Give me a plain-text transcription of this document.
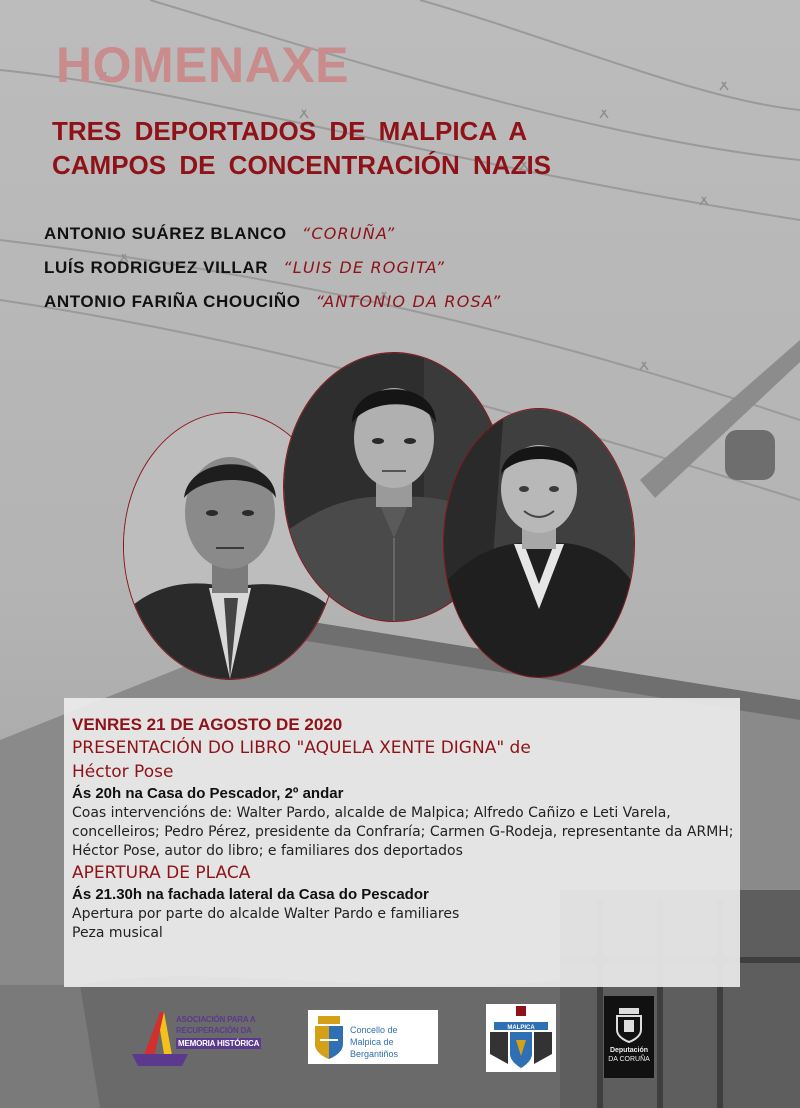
HOMENAXE
TRES DEPORTADOS DE MALPICA A
CAMPOS DE CONCENTRACIÓN NAZIS
ANTONIO SUÁREZ BLANCO “CORUÑA”
LUÍS RODRIGUEZ VILLAR “LUIS DE ROGITA”
ANTONIO FARIÑA CHOUCIÑO “ANTONIO DA ROSA”
VENRES 21 DE AGOSTO DE 2020
PRESENTACIÓN DO LIBRO "AQUELA XENTE DIGNA" de
Héctor Pose
Ás 20h na Casa do Pescador, 2º andar
Coas intervencións de: Walter Pardo, alcalde de Malpica; Alfredo Cañizo e Leti Varela, concelleiros; Pedro Pérez, presidente da Confraría; Carmen G-Rodeja, representante da ARMH; Héctor Pose, autor do libro; e familiares dos deportados
APERTURA DE PLACA
Ás 21.30h na fachada lateral da Casa do Pescador
Apertura por parte do alcalde Walter Pardo e familiares
Peza musical
ASOCIACIÓN PARA A
RECUPERACIÓN DA
MEMORIA HISTÓRICA
Concello de
Malpica de Bergantiños
MALPICA
Deputación
DA CORUÑA
